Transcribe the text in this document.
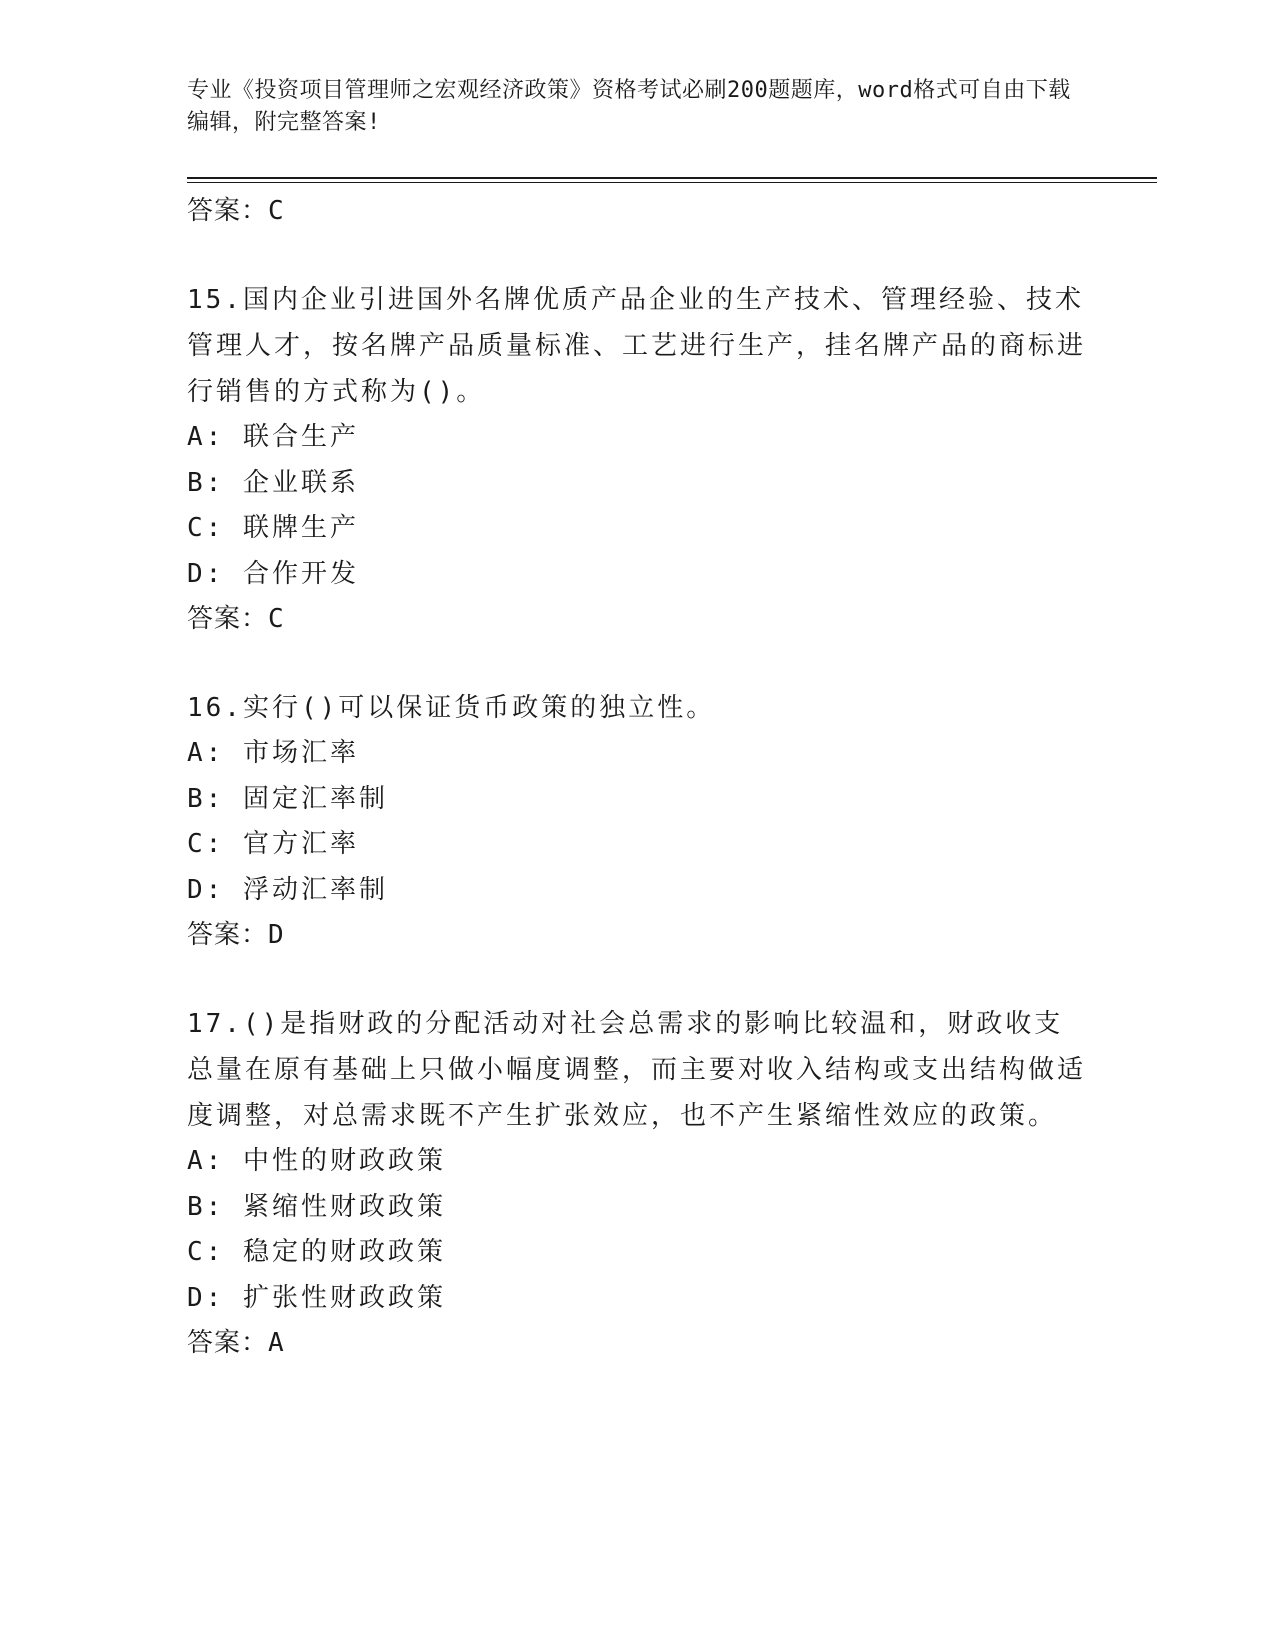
专业《投资项目管理师之宏观经济政策》资格考试必刷200题题库，word格式可自由下载编辑，附完整答案!
答案：C

15.国内企业引进国外名牌优质产品企业的生产技术、管理经验、技术管理人才，按名牌产品质量标准、工艺进行生产，挂名牌产品的商标进行销售的方式称为()。

A: 联合生产
B: 企业联系
C: 联牌生产
D: 合作开发
答案：C

16.实行()可以保证货币政策的独立性。

A: 市场汇率
B: 固定汇率制
C: 官方汇率
D: 浮动汇率制
答案：D

17.()是指财政的分配活动对社会总需求的影响比较温和，财政收支总量在原有基础上只做小幅度调整，而主要对收入结构或支出结构做适度调整，对总需求既不产生扩张效应，也不产生紧缩性效应的政策。

A: 中性的财政政策
B: 紧缩性财政政策
C: 稳定的财政政策
D: 扩张性财政政策
答案：A
